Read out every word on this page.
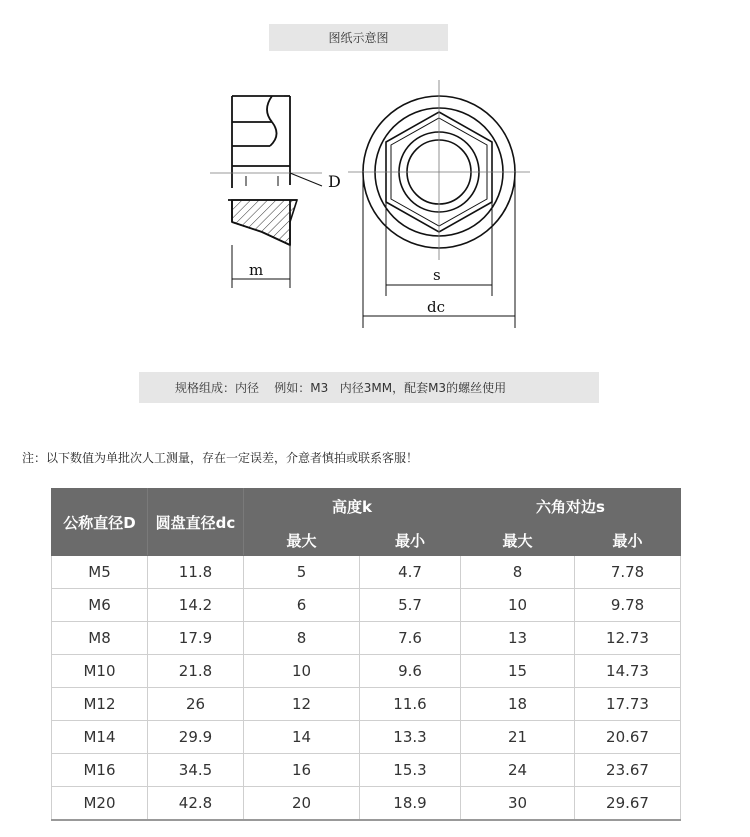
图纸示意图
D
m	s
dc
规格组成：内径
例如：M3
内径3MM，配套M3的螺丝使用
注：以下数值为单批次人工测量，存在一定误差，介意者慎拍或联系客服！
公称直径D	圆盘直径dc	高度k		六角对边s	
		最大	最小	最大	最小
M5	11.8	5	4.7	8	7.78
M6	14.2	6	5.7	10	9.78
M8	17.9	8	7.6	13	12.73
M10	21.8	10	9.6	15	14.73
M12	26	12	11.6	18	17.73
M14	29.9	14	13.3	21	20.67
M16	34.5	16	15.3	24	23.67
M20	42.8	20	18.9	30	29.67
